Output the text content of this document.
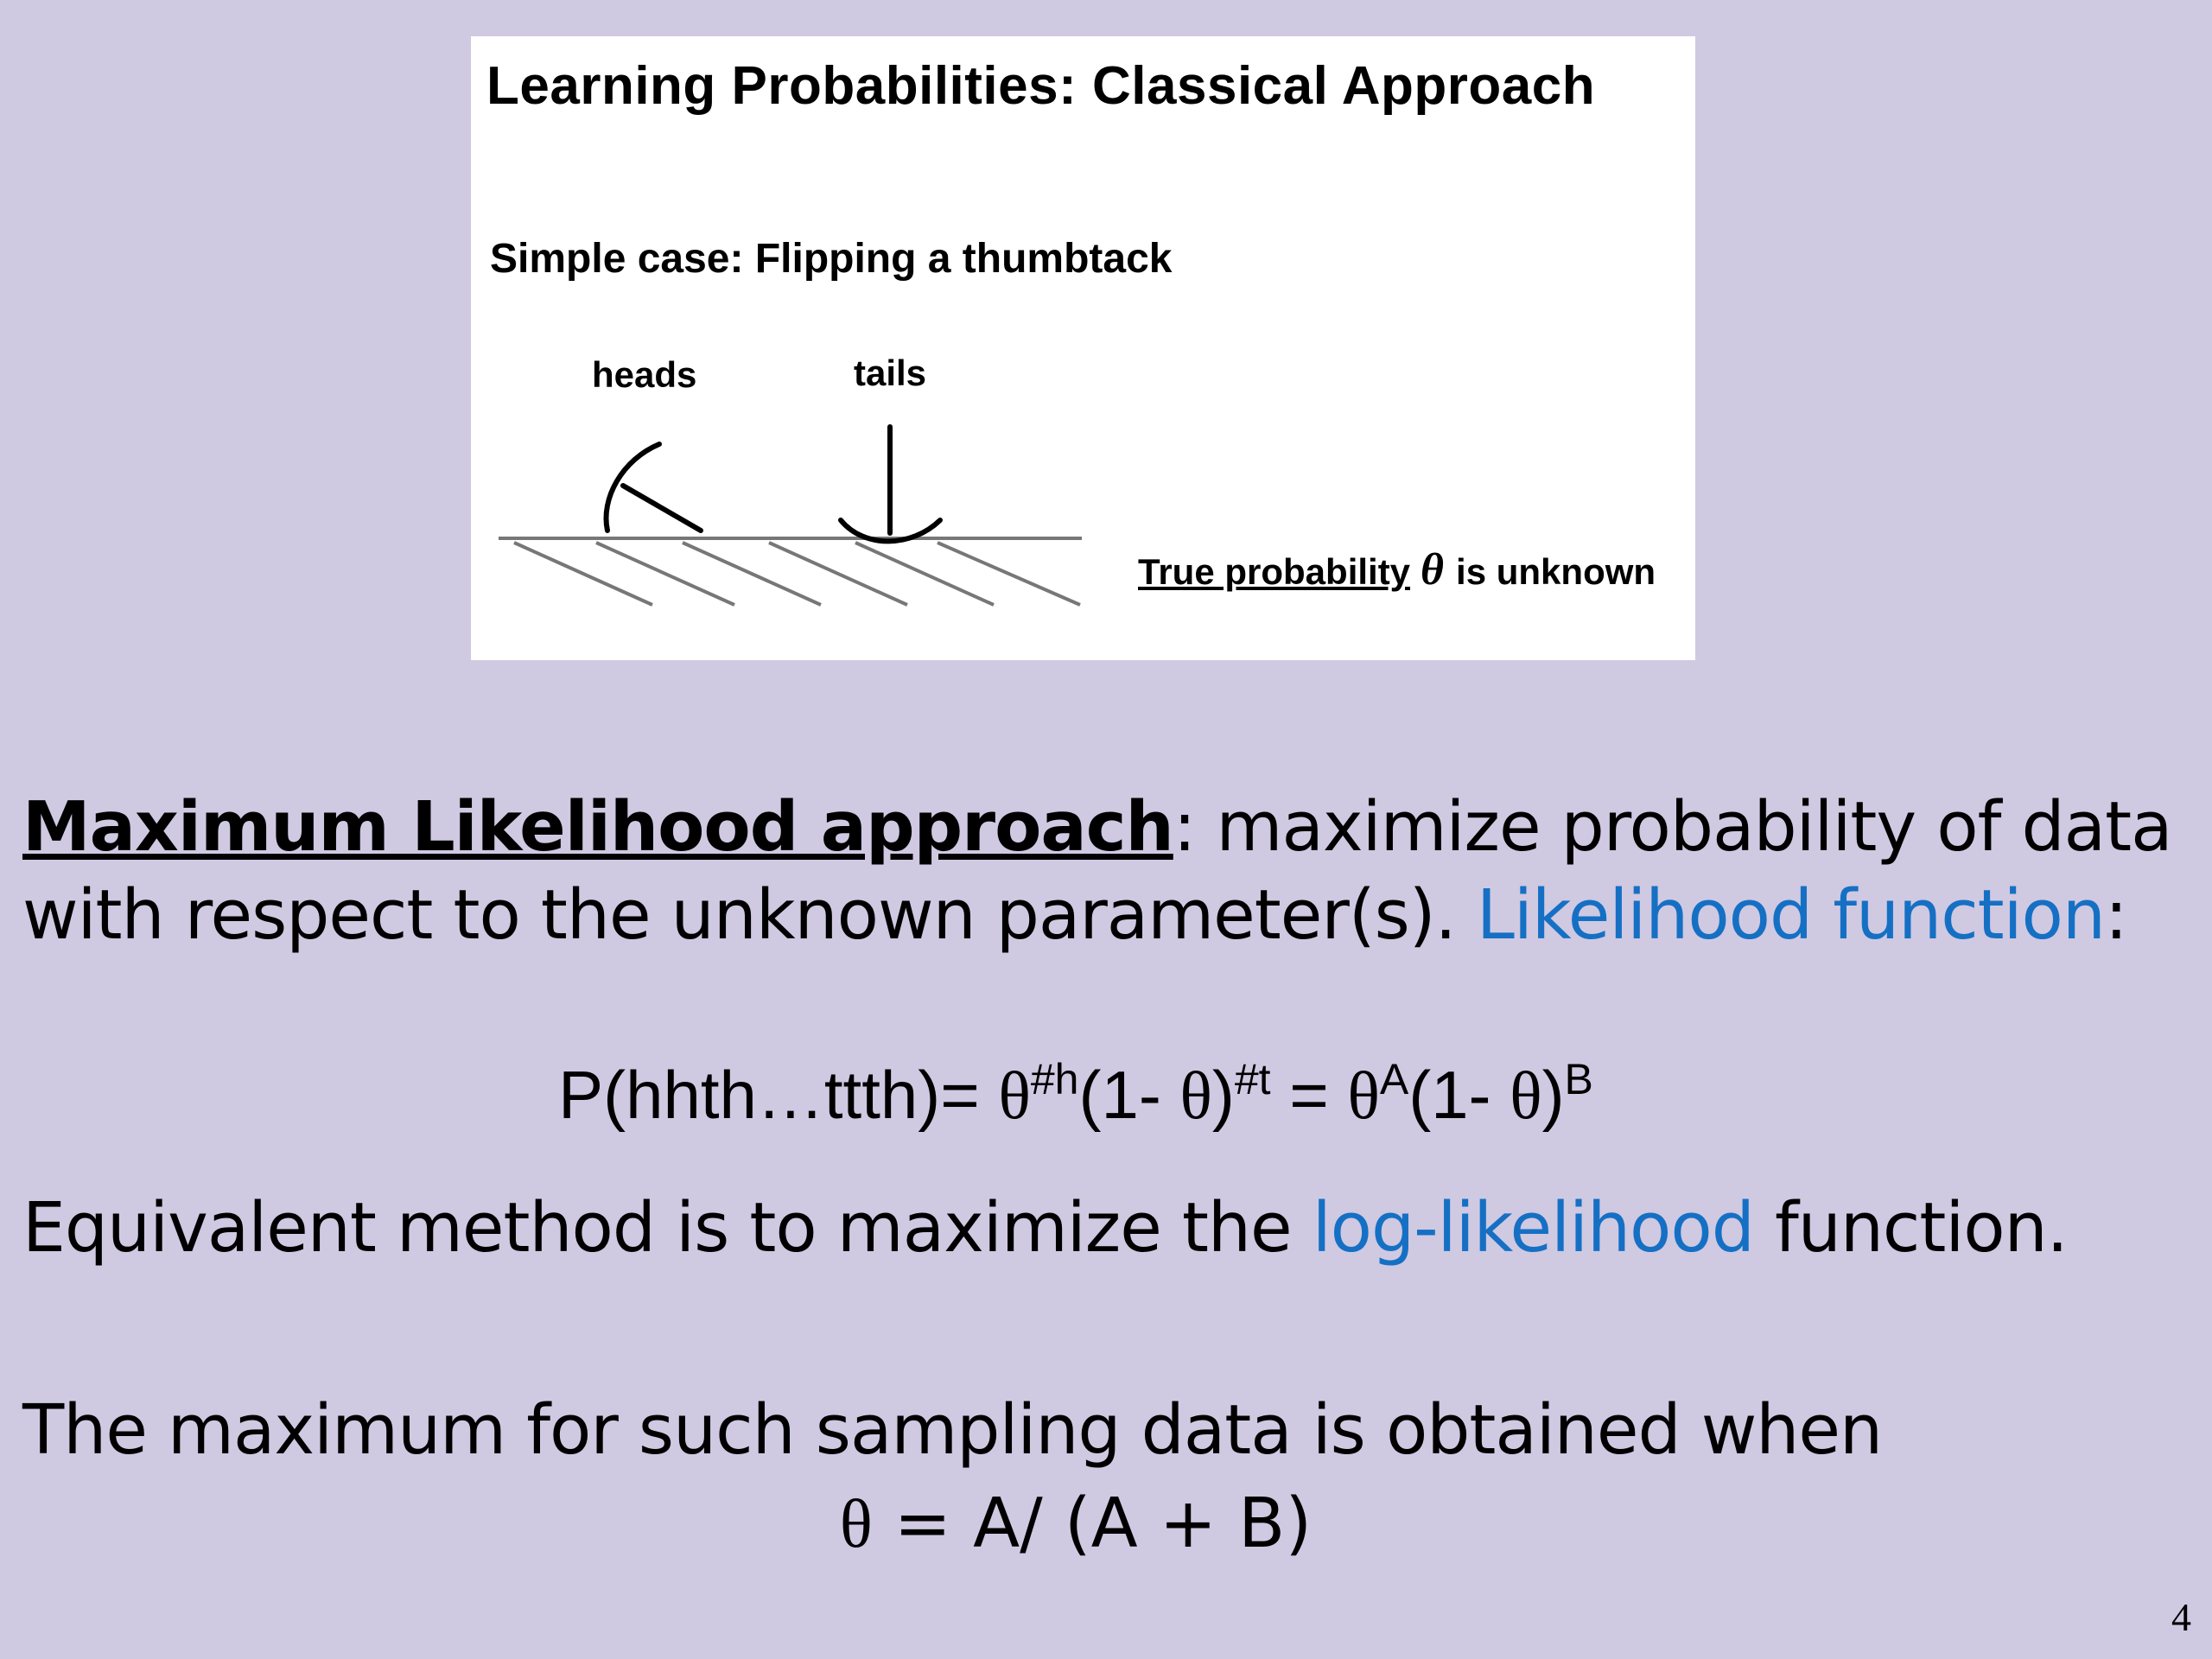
Learning Probabilities: Classical Approach
Simple case: Flipping a thumbtack
heads	tails
True probability θ is unknown
Maximum Likelihood approach: maximize probability of data
with respect to the unknown parameter(s). Likelihood function:
P(hhth…ttth)= $\theta^{\#h}(1-$ $\theta)^{\#t} = \theta^A(1-$ θ)$^B$
Equivalent method is to maximize the log-likelihood function.
The maximum for such sampling data is obtained when
θ = A/ (A + B)
4
